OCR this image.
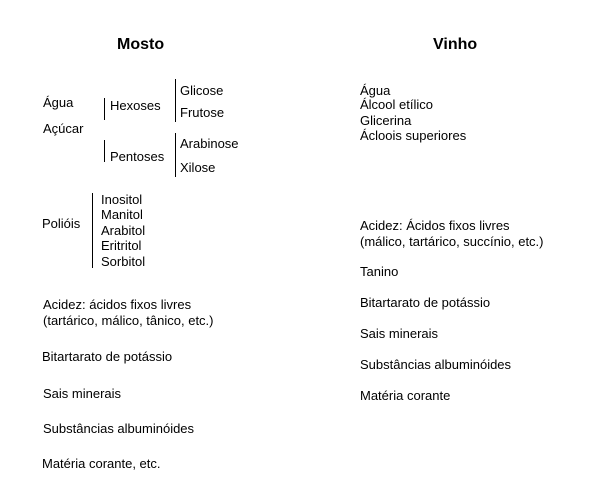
Mosto	Vinho
Água
Açúcar
Hexoses
Pentoses
Glicose
Frutose
Arabinose
Xilose
Polióis
Inositol
Manitol
Arabitol
Eritritol
Sorbitol
Acidez: ácidos fixos livres
(tartárico, málico, tânico, etc.)
Bitartarato de potássio
Sais minerais
Substâncias albuminóides
Matéria corante, etc.
Água
Álcool etílico
Glicerina
Ácloois superiores
Acidez: Ácidos fixos livres
(málico, tartárico, succínio, etc.)
Tanino
Bitartarato de potássio
Sais minerais
Substâncias albuminóides
Matéria corante
